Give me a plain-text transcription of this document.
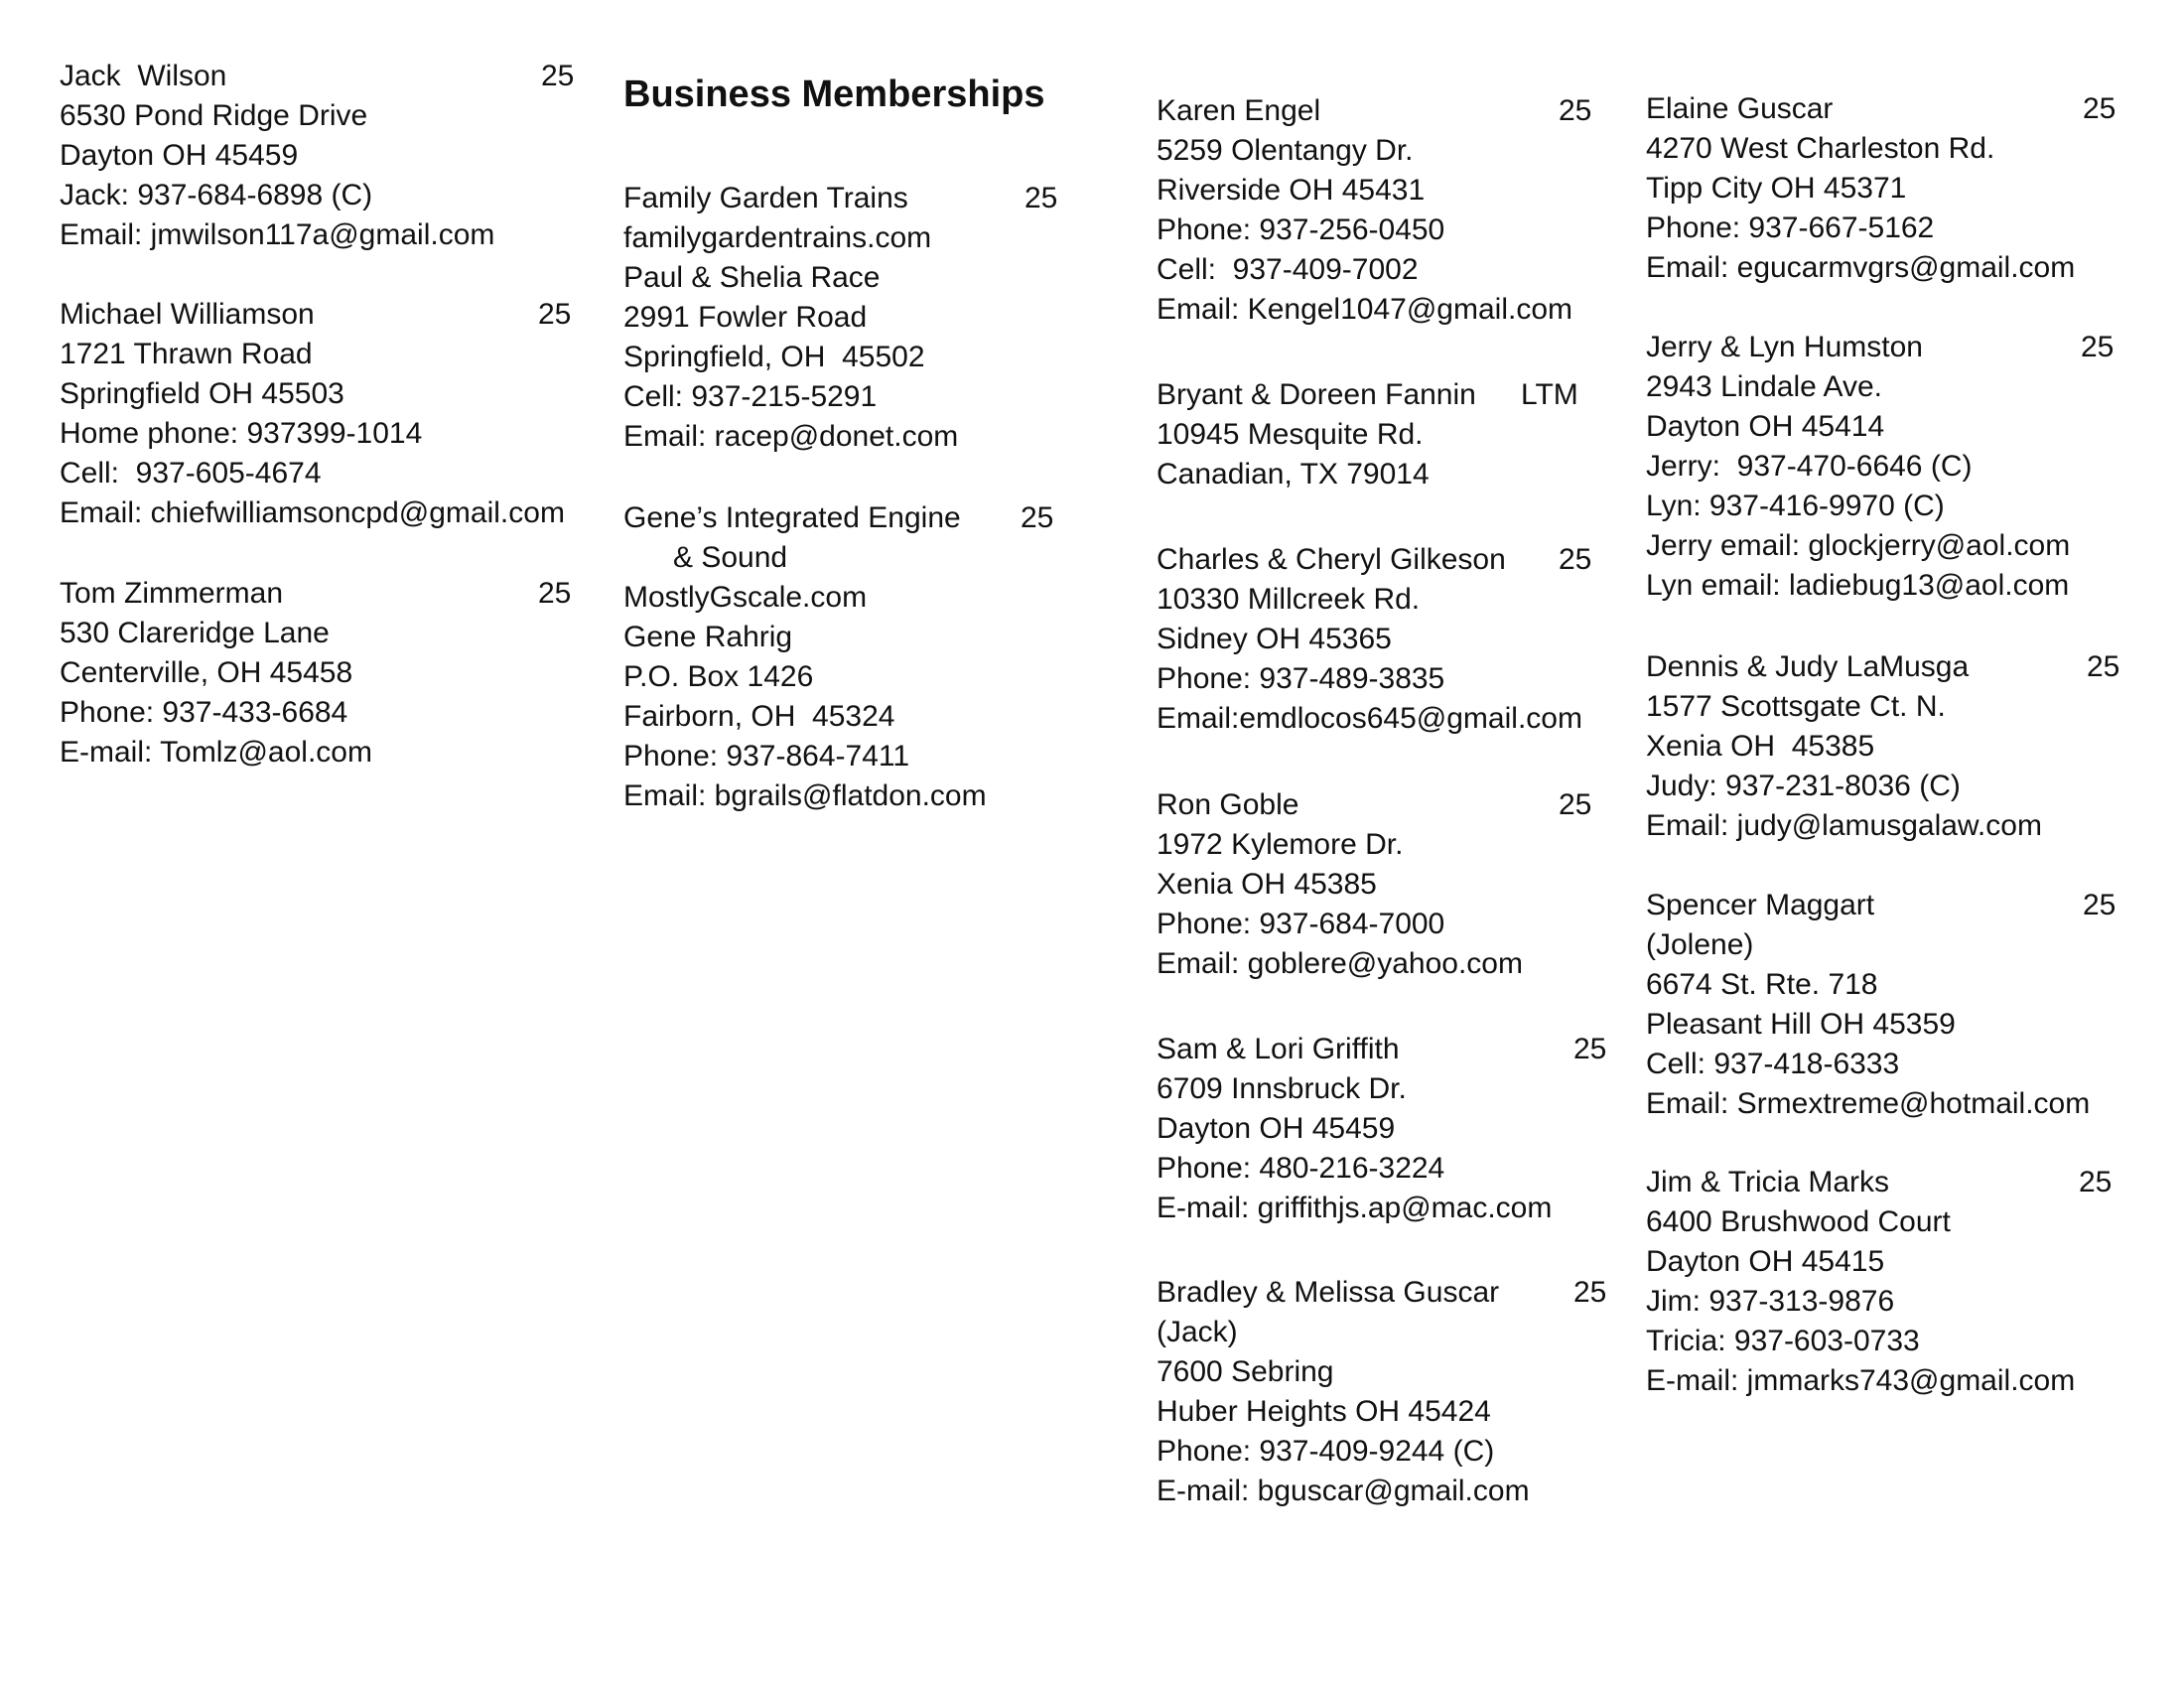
Jack  Wilson
6530 Pond Ridge Drive
Dayton OH 45459
Jack: 937-684-6898 (C)
Email: jmwilson117a@gmail.com
25
Michael Williamson
1721 Thrawn Road
Springfield OH 45503
Home phone: 937399-1014
Cell:  937-605-4674
Email: chiefwilliamsoncpd@gmail.com
25
Tom Zimmerman
530 Clareridge Lane
Centerville, OH 45458
Phone: 937-433-6684
E-mail: Tomlz@aol.com
25
Business Memberships
Family Garden Trains
familygardentrains.com
Paul & Shelia Race
2991 Fowler Road
Springfield, OH  45502
Cell: 937-215-5291
Email: racep@donet.com
25
Gene’s Integrated Engine
& Sound
MostlyGscale.com
Gene Rahrig
P.O. Box 1426
Fairborn, OH  45324
Phone: 937-864-7411
Email: bgrails@flatdon.com
25
Karen Engel
5259 Olentangy Dr.
Riverside OH 45431
Phone: 937-256-0450
Cell:  937-409-7002
Email: Kengel1047@gmail.com
25
Bryant & Doreen Fannin
10945 Mesquite Rd.
Canadian, TX 79014
LTM
Charles & Cheryl Gilkeson
10330 Millcreek Rd.
Sidney OH 45365
Phone: 937-489-3835
Email:emdlocos645@gmail.com
25
Ron Goble
1972 Kylemore Dr.
Xenia OH 45385
Phone: 937-684-7000
Email: goblere@yahoo.com
25
Sam & Lori Griffith
6709 Innsbruck Dr.
Dayton OH 45459
Phone: 480-216-3224
E-mail: griffithjs.ap@mac.com
25
Bradley & Melissa Guscar
(Jack)
7600 Sebring
Huber Heights OH 45424
Phone: 937-409-9244 (C)
E-mail: bguscar@gmail.com
25
Elaine Guscar
4270 West Charleston Rd.
Tipp City OH 45371
Phone: 937-667-5162
Email: egucarmvgrs@gmail.com
25
Jerry & Lyn Humston
2943 Lindale Ave.
Dayton OH 45414
Jerry:  937-470-6646 (C)
Lyn: 937-416-9970 (C)
Jerry email: glockjerry@aol.com
Lyn email: ladiebug13@aol.com
25
Dennis & Judy LaMusga
1577 Scottsgate Ct. N.
Xenia OH  45385
Judy: 937-231-8036 (C)
Email: judy@lamusgalaw.com
25
Spencer Maggart
(Jolene)
6674 St. Rte. 718
Pleasant Hill OH 45359
Cell: 937-418-6333
Email: Srmextreme@hotmail.com
25
Jim & Tricia Marks
6400 Brushwood Court
Dayton OH 45415
Jim: 937-313-9876
Tricia: 937-603-0733
E-mail: jmmarks743@gmail.com
25
